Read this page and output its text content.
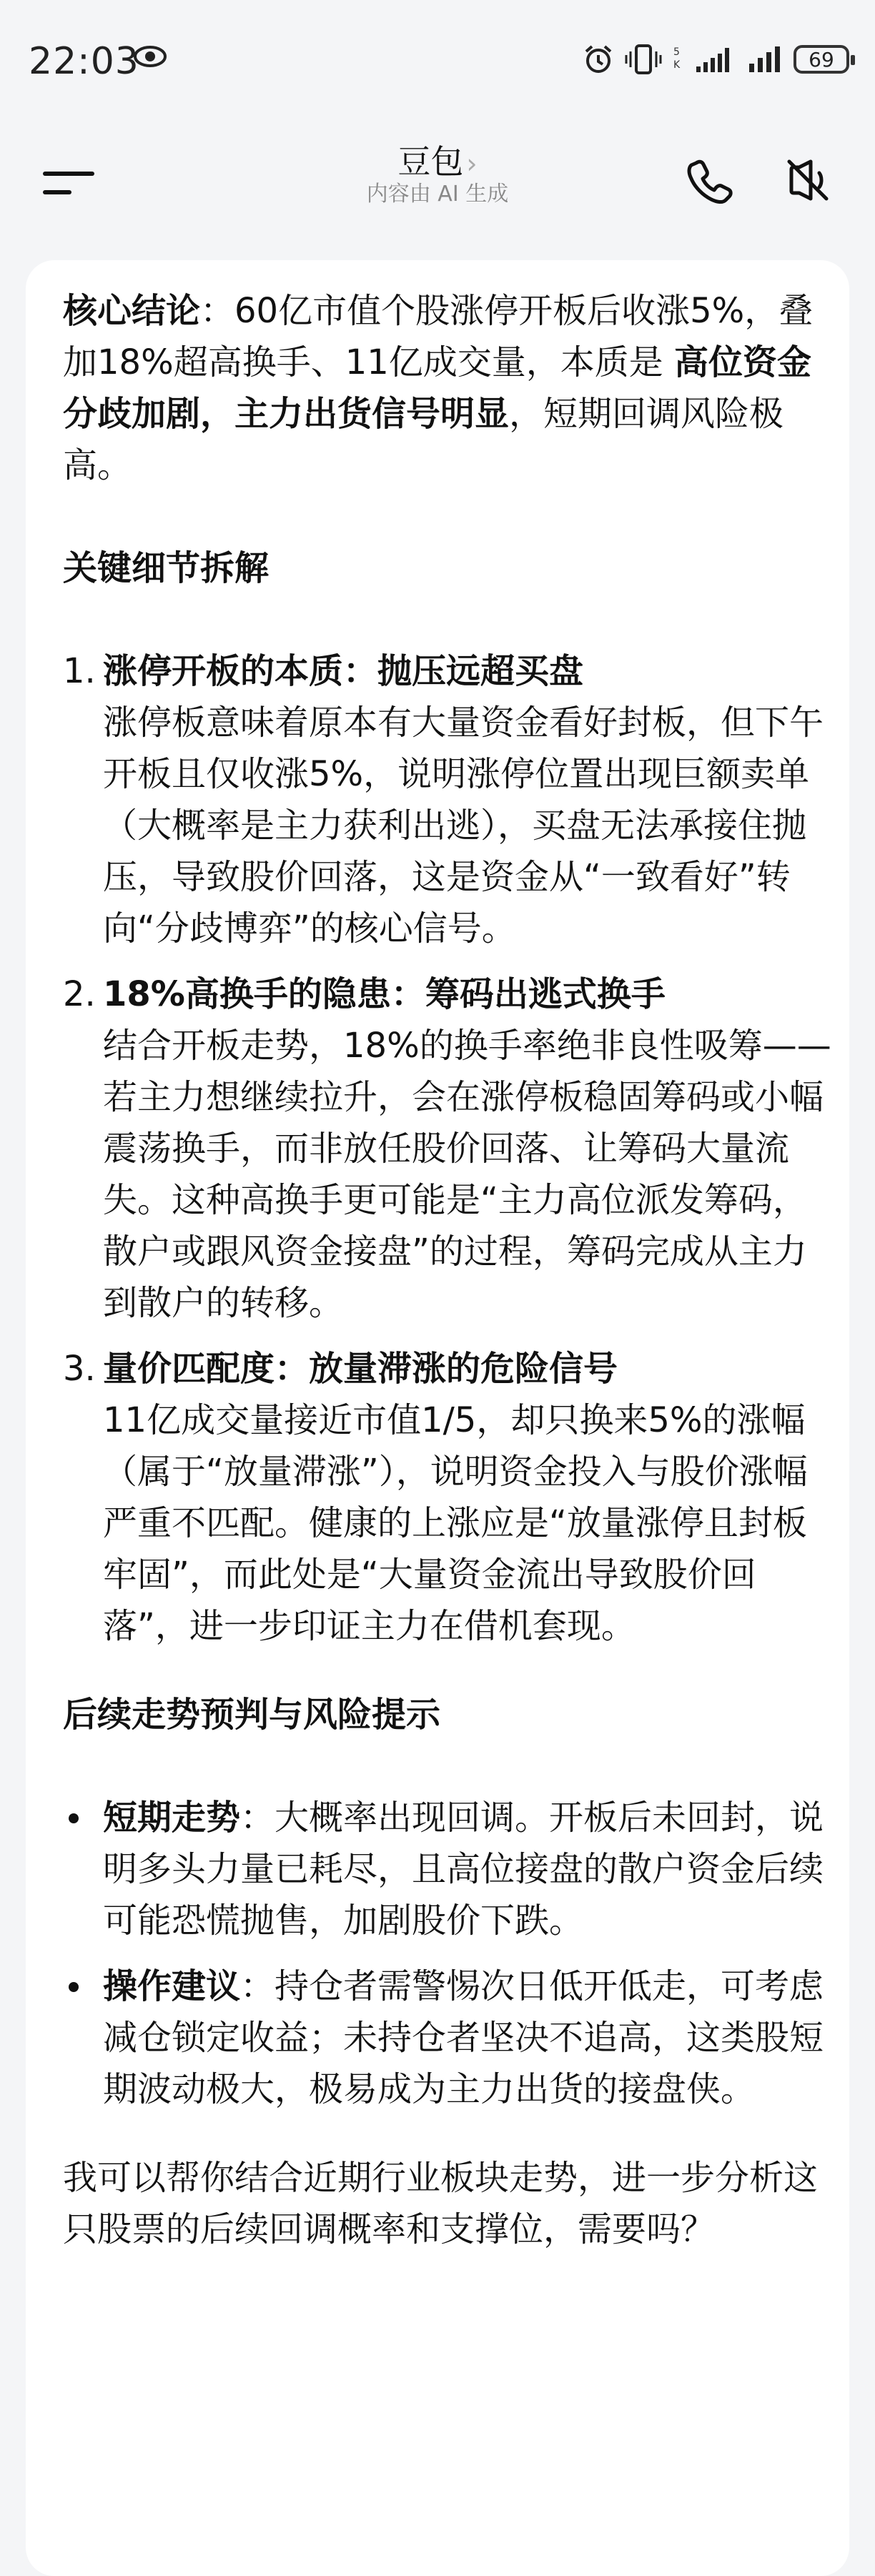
22:03	5
K	69
豆包 ›
内容由 AI 生成

核心结论：60亿市值个股涨停开板后收涨5%，叠加18%超高换手、11亿成交量，本质是 高位资金分歧加剧，主力出货信号明显，短期回调风险极高。

关键细节拆解

1. 涨停开板的本质：抛压远超买盘
涨停板意味着原本有大量资金看好封板，但下午开板且仅收涨5%，说明涨停位置出现巨额卖单（大概率是主力获利出逃），买盘无法承接住抛压，导致股价回落，这是资金从“一致看好”转向“分歧博弈”的核心信号。
2. 18%高换手的隐患：筹码出逃式换手
结合开板走势，18%的换手率绝非良性吸筹——若主力想继续拉升，会在涨停板稳固筹码或小幅震荡换手，而非放任股价回落、让筹码大量流失。这种高换手更可能是“主力高位派发筹码，散户或跟风资金接盘”的过程，筹码完成从主力到散户的转移。
3. 量价匹配度：放量滞涨的危险信号
11亿成交量接近市值1/5，却只换来5%的涨幅（属于“放量滞涨”），说明资金投入与股价涨幅严重不匹配。健康的上涨应是“放量涨停且封板牢固”，而此处是“大量资金流出导致股价回落”，进一步印证主力在借机套现。

后续走势预判与风险提示

短期走势：大概率出现回调。开板后未回封，说明多头力量已耗尽，且高位接盘的散户资金后续可能恐慌抛售，加剧股价下跌。
操作建议：持仓者需警惕次日低开低走，可考虑减仓锁定收益；未持仓者坚决不追高，这类股短期波动极大，极易成为主力出货的接盘侠。

我可以帮你结合近期行业板块走势，进一步分析这只股票的后续回调概率和支撑位，需要吗？
